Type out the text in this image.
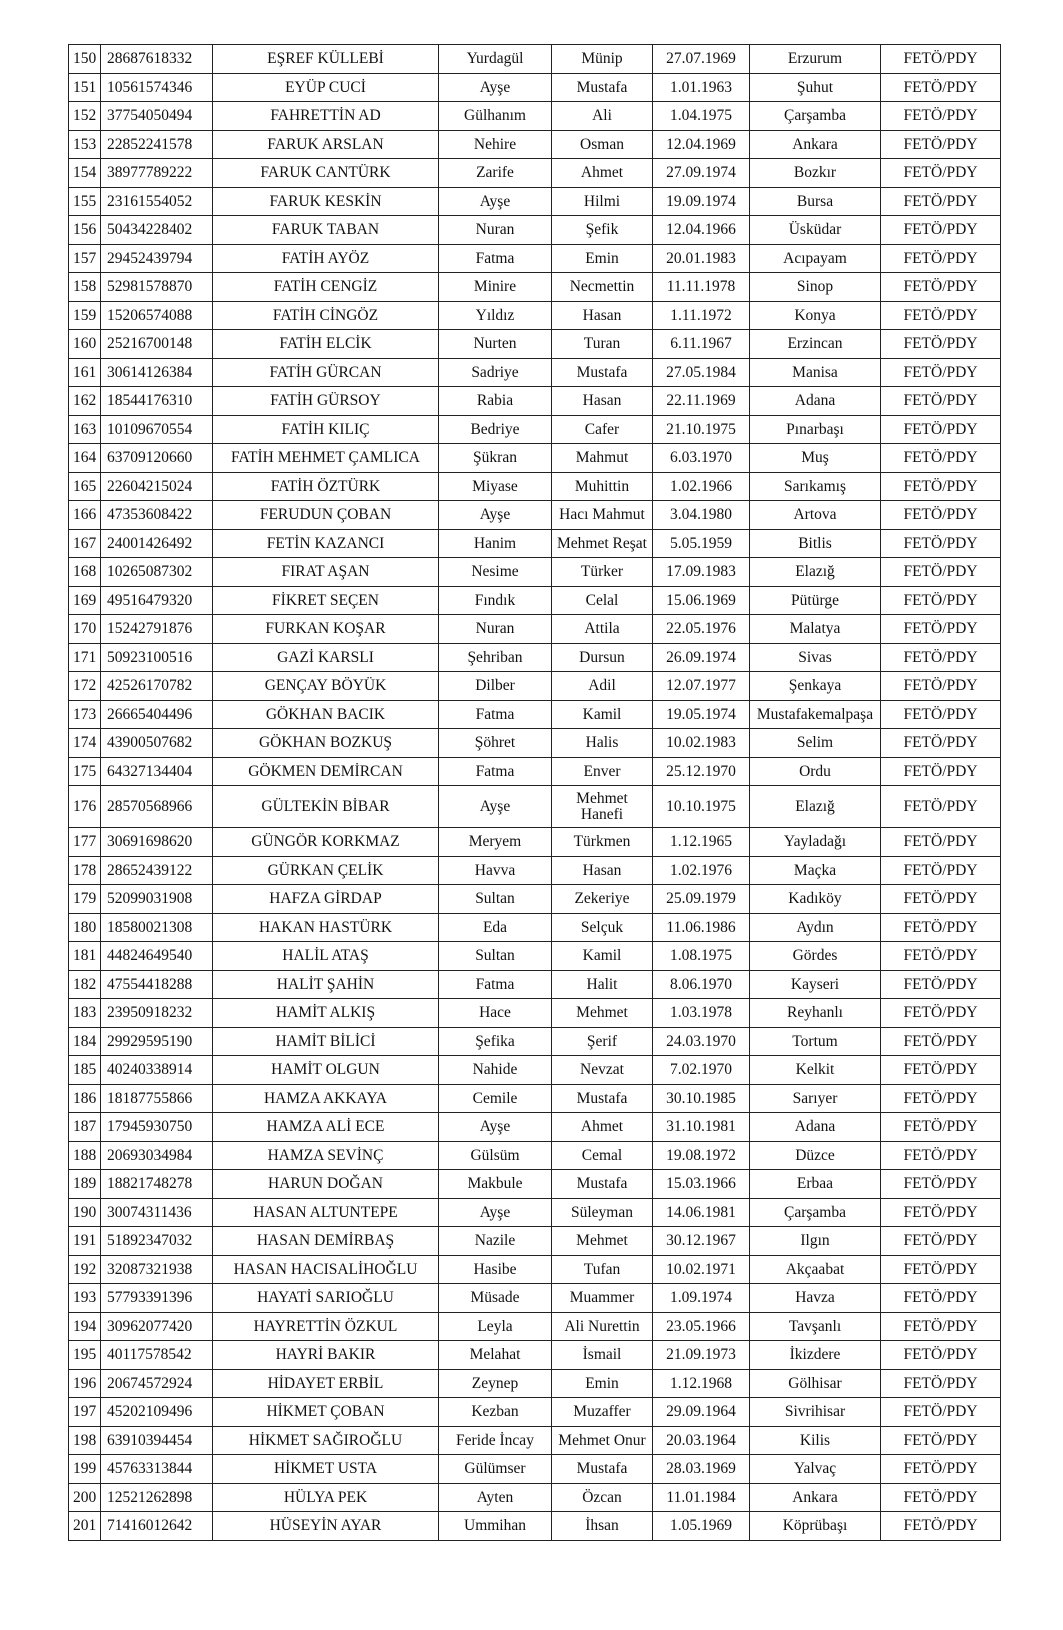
150	28687618332	EŞREF KÜLLEBİ	Yurdagül	Münip	27.07.1969	Erzurum	FETÖ/PDY
151	10561574346	EYÜP CUCİ	Ayşe	Mustafa	1.01.1963	Şuhut	FETÖ/PDY
152	37754050494	FAHRETTİN AD	Gülhanım	Ali	1.04.1975	Çarşamba	FETÖ/PDY
153	22852241578	FARUK ARSLAN	Nehire	Osman	12.04.1969	Ankara	FETÖ/PDY
154	38977789222	FARUK CANTÜRK	Zarife	Ahmet	27.09.1974	Bozkır	FETÖ/PDY
155	23161554052	FARUK KESKİN	Ayşe	Hilmi	19.09.1974	Bursa	FETÖ/PDY
156	50434228402	FARUK TABAN	Nuran	Şefik	12.04.1966	Üsküdar	FETÖ/PDY
157	29452439794	FATİH AYÖZ	Fatma	Emin	20.01.1983	Acıpayam	FETÖ/PDY
158	52981578870	FATİH CENGİZ	Minire	Necmettin	11.11.1978	Sinop	FETÖ/PDY
159	15206574088	FATİH CİNGÖZ	Yıldız	Hasan	1.11.1972	Konya	FETÖ/PDY
160	25216700148	FATİH ELCİK	Nurten	Turan	6.11.1967	Erzincan	FETÖ/PDY
161	30614126384	FATİH GÜRCAN	Sadriye	Mustafa	27.05.1984	Manisa	FETÖ/PDY
162	18544176310	FATİH GÜRSOY	Rabia	Hasan	22.11.1969	Adana	FETÖ/PDY
163	10109670554	FATİH KILIÇ	Bedriye	Cafer	21.10.1975	Pınarbaşı	FETÖ/PDY
164	63709120660	FATİH MEHMET ÇAMLICA	Şükran	Mahmut	6.03.1970	Muş	FETÖ/PDY
165	22604215024	FATİH ÖZTÜRK	Miyase	Muhittin	1.02.1966	Sarıkamış	FETÖ/PDY
166	47353608422	FERUDUN ÇOBAN	Ayşe	Hacı Mahmut	3.04.1980	Artova	FETÖ/PDY
167	24001426492	FETİN KAZANCI	Hanim	Mehmet Reşat	5.05.1959	Bitlis	FETÖ/PDY
168	10265087302	FIRAT AŞAN	Nesime	Türker	17.09.1983	Elazığ	FETÖ/PDY
169	49516479320	FİKRET SEÇEN	Fındık	Celal	15.06.1969	Pütürge	FETÖ/PDY
170	15242791876	FURKAN KOŞAR	Nuran	Attila	22.05.1976	Malatya	FETÖ/PDY
171	50923100516	GAZİ KARSLI	Şehriban	Dursun	26.09.1974	Sivas	FETÖ/PDY
172	42526170782	GENÇAY BÖYÜK	Dilber	Adil	12.07.1977	Şenkaya	FETÖ/PDY
173	26665404496	GÖKHAN BACIK	Fatma	Kamil	19.05.1974	Mustafakemalpaşa	FETÖ/PDY
174	43900507682	GÖKHAN BOZKUŞ	Şöhret	Halis	10.02.1983	Selim	FETÖ/PDY
175	64327134404	GÖKMEN DEMİRCAN	Fatma	Enver	25.12.1970	Ordu	FETÖ/PDY
176	28570568966	GÜLTEKİN BİBAR	Ayşe	Mehmet Hanefi	10.10.1975	Elazığ	FETÖ/PDY
177	30691698620	GÜNGÖR KORKMAZ	Meryem	Türkmen	1.12.1965	Yayladağı	FETÖ/PDY
178	28652439122	GÜRKAN ÇELİK	Havva	Hasan	1.02.1976	Maçka	FETÖ/PDY
179	52099031908	HAFZA GİRDAP	Sultan	Zekeriye	25.09.1979	Kadıköy	FETÖ/PDY
180	18580021308	HAKAN HASTÜRK	Eda	Selçuk	11.06.1986	Aydın	FETÖ/PDY
181	44824649540	HALİL ATAŞ	Sultan	Kamil	1.08.1975	Gördes	FETÖ/PDY
182	47554418288	HALİT ŞAHİN	Fatma	Halit	8.06.1970	Kayseri	FETÖ/PDY
183	23950918232	HAMİT ALKIŞ	Hace	Mehmet	1.03.1978	Reyhanlı	FETÖ/PDY
184	29929595190	HAMİT BİLİCİ	Şefika	Şerif	24.03.1970	Tortum	FETÖ/PDY
185	40240338914	HAMİT OLGUN	Nahide	Nevzat	7.02.1970	Kelkit	FETÖ/PDY
186	18187755866	HAMZA AKKAYA	Cemile	Mustafa	30.10.1985	Sarıyer	FETÖ/PDY
187	17945930750	HAMZA ALİ ECE	Ayşe	Ahmet	31.10.1981	Adana	FETÖ/PDY
188	20693034984	HAMZA SEVİNÇ	Gülsüm	Cemal	19.08.1972	Düzce	FETÖ/PDY
189	18821748278	HARUN DOĞAN	Makbule	Mustafa	15.03.1966	Erbaa	FETÖ/PDY
190	30074311436	HASAN ALTUNTEPE	Ayşe	Süleyman	14.06.1981	Çarşamba	FETÖ/PDY
191	51892347032	HASAN DEMİRBAŞ	Nazile	Mehmet	30.12.1967	Ilgın	FETÖ/PDY
192	32087321938	HASAN HACISALİHOĞLU	Hasibe	Tufan	10.02.1971	Akçaabat	FETÖ/PDY
193	57793391396	HAYATİ SARIOĞLU	Müsade	Muammer	1.09.1974	Havza	FETÖ/PDY
194	30962077420	HAYRETTİN ÖZKUL	Leyla	Ali Nurettin	23.05.1966	Tavşanlı	FETÖ/PDY
195	40117578542	HAYRİ BAKIR	Melahat	İsmail	21.09.1973	İkizdere	FETÖ/PDY
196	20674572924	HİDAYET ERBİL	Zeynep	Emin	1.12.1968	Gölhisar	FETÖ/PDY
197	45202109496	HİKMET ÇOBAN	Kezban	Muzaffer	29.09.1964	Sivrihisar	FETÖ/PDY
198	63910394454	HİKMET SAĞIROĞLU	Feride İncay	Mehmet Onur	20.03.1964	Kilis	FETÖ/PDY
199	45763313844	HİKMET USTA	Gülümser	Mustafa	28.03.1969	Yalvaç	FETÖ/PDY
200	12521262898	HÜLYA PEK	Ayten	Özcan	11.01.1984	Ankara	FETÖ/PDY
201	71416012642	HÜSEYİN AYAR	Ummihan	İhsan	1.05.1969	Köprübaşı	FETÖ/PDY
